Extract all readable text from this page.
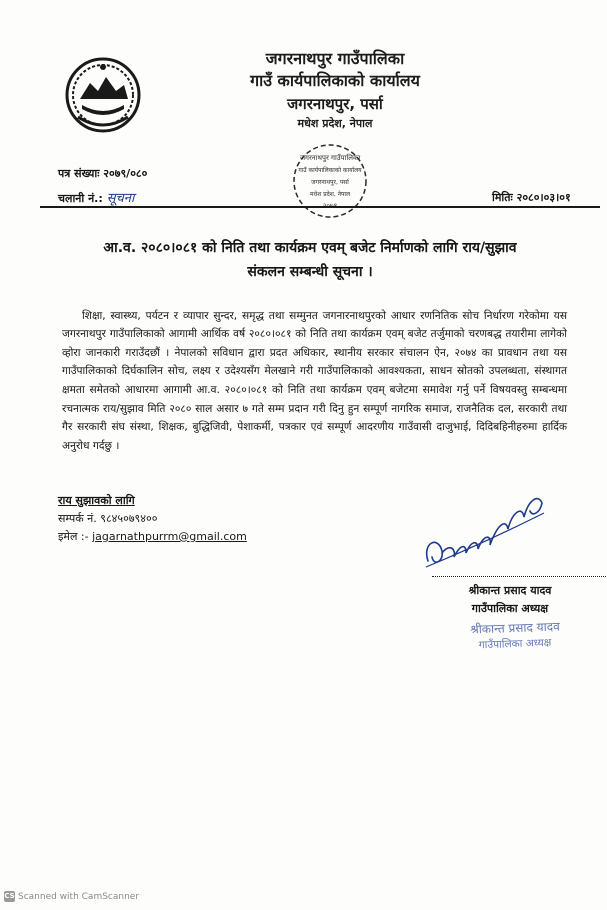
जगरनाथपुर गाउँपालिका
गाउँ कार्यपालिकाको कार्यालय
जगरनाथपुर, पर्सा
मधेश प्रदेश, नेपाल
जगरनाथपुर गाउँपालिका
गाउँ कार्यपालिकाको कार्यालय
जगरनाथपुर, पर्सा
मधेश प्रदेश, नेपाल
२०७९
पत्र संख्याः २०७९/०८०
चलानी नं.: सूचना	मितिः २०८०।०३।०१
आ.व. २०८०।०८१ को निति तथा कार्यक्रम एवम् बजेट निर्माणको लागि राय/सुझाव
संकलन सम्बन्धी सूचना ।

शिक्षा, स्वास्थ्य, पर्यटन र व्यापार सुन्दर, समृद्ध तथा सम्मुनत जगनारनाथपुरको आधार रणनितिक सोच निर्धारण गरेकोमा यस जगरनाथपुर गाउँपालिकाको आगामी आर्थिक वर्ष २०८०।०८१ को निति तथा कार्यक्रम एवम् बजेट तर्जुमाको चरणबद्ध तयारीमा लागेको व्होरा जानकारी गराउँदछौं । नेपालको सविधान द्वारा प्रदत अधिकार, स्थानीय सरकार संचालन ऐन, २०७४ का प्रावधान तथा यस गाउँपालिकाको दिर्घकालिन सोच, लक्ष्य र उदेश्यसँग मेलखाने गरी गाउँपालिकाको आवश्यकता, साधन स्रोतको उपलब्धता, संस्थागत क्षमता समेतको आधारमा आगामी आ.व. २०८०।०८१ को निति तथा कार्यक्रम एवम् बजेटमा समावेश गर्नु पर्ने विषयवस्तु सम्बन्धमा रचनात्मक राय/सुझाव मिति २०८० साल असार ७ गते सम्म प्रदान गरी दिनु हुन सम्पूर्ण नागरिक समाज, राजनैतिक दल, सरकारी तथा गैर सरकारी संघ संस्था, शिक्षक, बुद्धिजिवी, पेशाकर्मी, पत्रकार एवं सम्पूर्ण आदरणीय गाउँवासी दाजुभाई, दिदिबहिनीहरुमा हार्दिक अनुरोध गर्दछु ।

राय सुझावको लागि
सम्पर्क नं. ९८४५०७९४००
इमेल :- jagarnathpurrm@gmail.com
श्रीकान्त प्रसाद यादव
गाउँपालिका अध्यक्ष
श्रीकान्त प्रसाद यादव
गाउँपालिका अध्यक्ष
CS Scanned with CamScanner
